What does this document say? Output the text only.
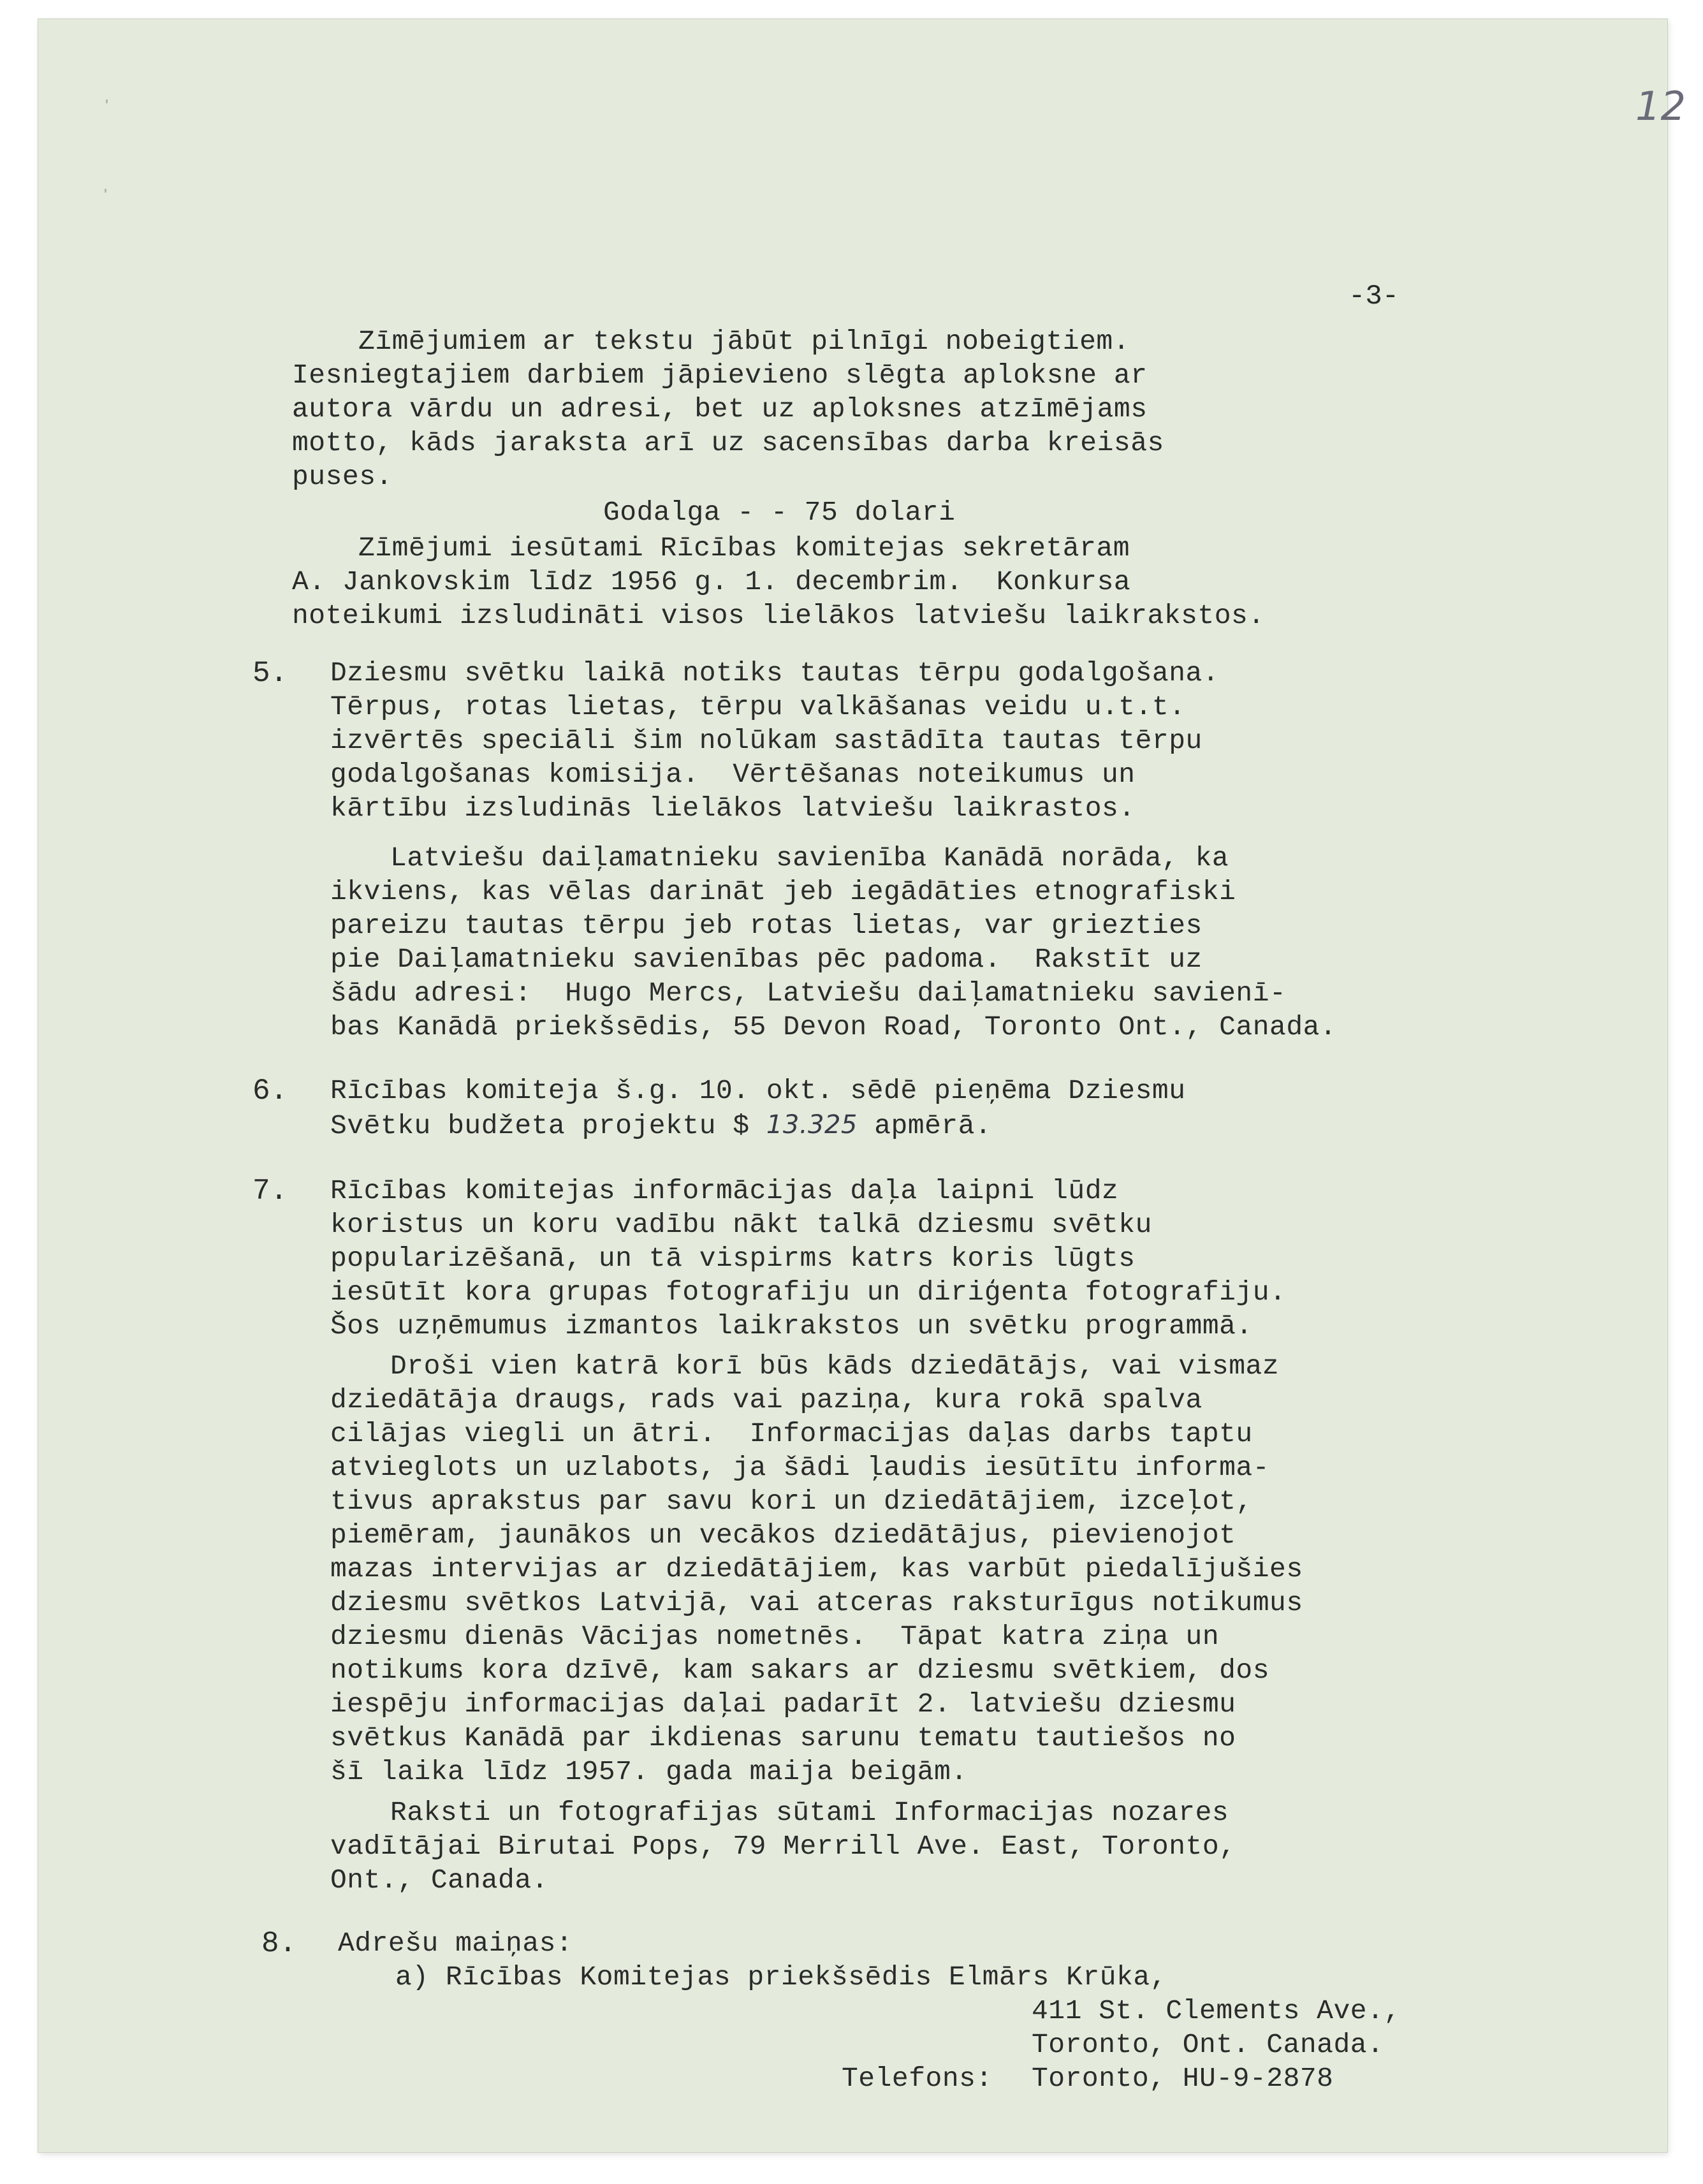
12
-3-
Zīmējumiem ar tekstu jābūt pilnīgi nobeigtiem.
Iesniegtajiem darbiem jāpievieno slēgta aploksne ar
autora vārdu un adresi, bet uz aploksnes atzīmējams
motto, kāds jaraksta arī uz sacensības darba kreisās
puses.
Godalga - - 75 dolari
Zīmējumi iesūtami Rīcības komitejas sekretāram
A. Jankovskim līdz 1956 g. 1. decembrim.  Konkursa
noteikumi izsludināti visos lielākos latviešu laikrakstos.
5. Dziesmu svētku laikā notiks tautas tērpu godalgošana.
Tērpus, rotas lietas, tērpu valkāšanas veidu u.t.t.
izvērtēs speciāli šim nolūkam sastādīta tautas tērpu
godalgošanas komisija.  Vērtēšanas noteikumus un
kārtību izsludinās lielākos latviešu laikrastos.
Latviešu daiļamatnieku savienība Kanādā norāda, ka
ikviens, kas vēlas darināt jeb iegādāties etnografiski
pareizu tautas tērpu jeb rotas lietas, var griezties
pie Daiļamatnieku savienības pēc padoma.  Rakstīt uz
šādu adresi:  Hugo Mercs, Latviešu daiļamatnieku savienī-
bas Kanādā priekšsēdis, 55 Devon Road, Toronto Ont., Canada.
6. Rīcības komiteja š.g. 10. okt. sēdē pieņēma Dziesmu
Svētku budžeta projektu $ 13.325 apmērā.
7. Rīcības komitejas informācijas daļa laipni lūdz
koristus un koru vadību nākt talkā dziesmu svētku
popularizēšanā, un tā vispirms katrs koris lūgts
iesūtīt kora grupas fotografiju un diriģenta fotografiju.
Šos uzņēmumus izmantos laikrakstos un svētku programmā.
Droši vien katrā korī būs kāds dziedātājs, vai vismaz
dziedātāja draugs, rads vai paziņa, kura rokā spalva
cilājas viegli un ātri.  Informacijas daļas darbs taptu
atvieglots un uzlabots, ja šādi ļaudis iesūtītu informa-
tivus aprakstus par savu kori un dziedātājiem, izceļot,
piemēram, jaunākos un vecākos dziedātājus, pievienojot
mazas intervijas ar dziedātājiem, kas varbūt piedalījušies
dziesmu svētkos Latvijā, vai atceras raksturīgus notikumus
dziesmu dienās Vācijas nometnēs.  Tāpat katra ziņa un
notikums kora dzīvē, kam sakars ar dziesmu svētkiem, dos
iespēju informacijas daļai padarīt 2. latviešu dziesmu
svētkus Kanādā par ikdienas sarunu tematu tautiešos no
šī laika līdz 1957. gada maija beigām.
Raksti un fotografijas sūtami Informacijas nozares
vadītājai Birutai Pops, 79 Merrill Ave. East, Toronto,
Ont., Canada.
8. Adrešu maiņas:
a) Rīcības Komitejas priekšsēdis Elmārs Krūka,
411 St. Clements Ave.,
Toronto, Ont. Canada.
Telefons: Toronto, HU-9-2878
